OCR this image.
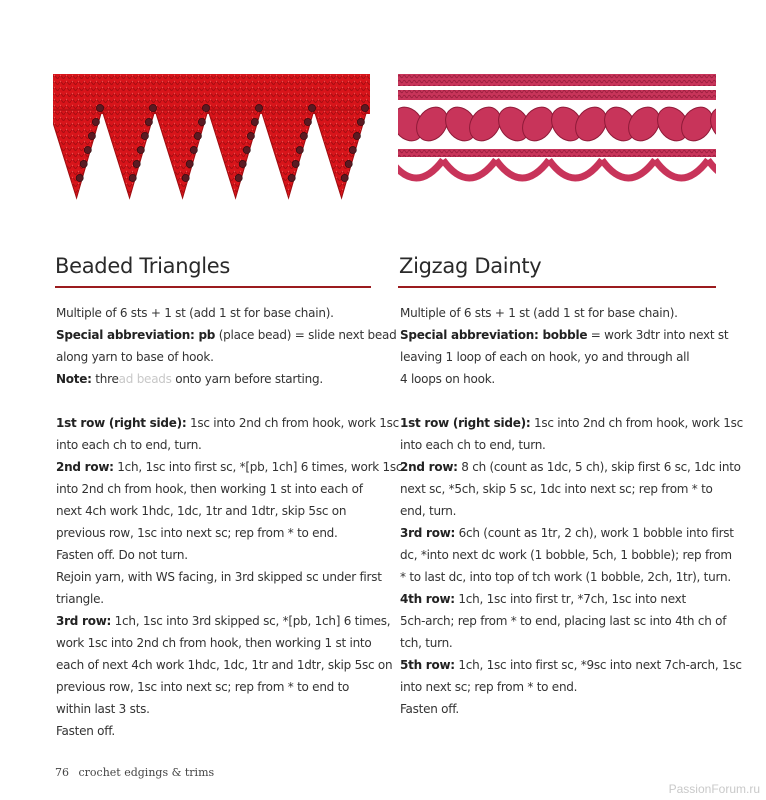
Beaded Triangles	Zigzag Dainty

Multiple of 6 sts + 1 st (add 1 st for base chain).

Special abbreviation: pb (place bead) = slide next bead

along yarn to base of hook.

Note: thread beads onto yarn before starting.

1st row (right side): 1sc into 2nd ch from hook, work 1sc

into each ch to end, turn.

2nd row: 1ch, 1sc into first sc, *[pb, 1ch] 6 times, work 1sc

into 2nd ch from hook, then working 1 st into each of

next 4ch work 1hdc, 1dc, 1tr and 1dtr, skip 5sc on

previous row, 1sc into next sc; rep from * to end.

Fasten off. Do not turn.

Rejoin yarn, with WS facing, in 3rd skipped sc under first

triangle.

3rd row: 1ch, 1sc into 3rd skipped sc, *[pb, 1ch] 6 times,

work 1sc into 2nd ch from hook, then working 1 st into

each of next 4ch work 1hdc, 1dc, 1tr and 1dtr, skip 5sc on

previous row, 1sc into next sc; rep from * to end to

within last 3 sts.

Fasten off.

Multiple of 6 sts + 1 st (add 1 st for base chain).

Special abbreviation: bobble = work 3dtr into next st

leaving 1 loop of each on hook, yo and through all

4 loops on hook.

1st row (right side): 1sc into 2nd ch from hook, work 1sc

into each ch to end, turn.

2nd row: 8 ch (count as 1dc, 5 ch), skip first 6 sc, 1dc into

next sc, *5ch, skip 5 sc, 1dc into next sc; rep from * to

end, turn.

3rd row: 6ch (count as 1tr, 2 ch), work 1 bobble into first

dc, *into next dc work (1 bobble, 5ch, 1 bobble); rep from

* to last dc, into top of tch work (1 bobble, 2ch, 1tr), turn.

4th row: 1ch, 1sc into first tr, *7ch, 1sc into next

5ch-arch; rep from * to end, placing last sc into 4th ch of

tch, turn.

5th row: 1ch, 1sc into first sc, *9sc into next 7ch-arch, 1sc

into next sc; rep from * to end.

Fasten off.

76 crochet edgings & trims
PassionForum.ru
